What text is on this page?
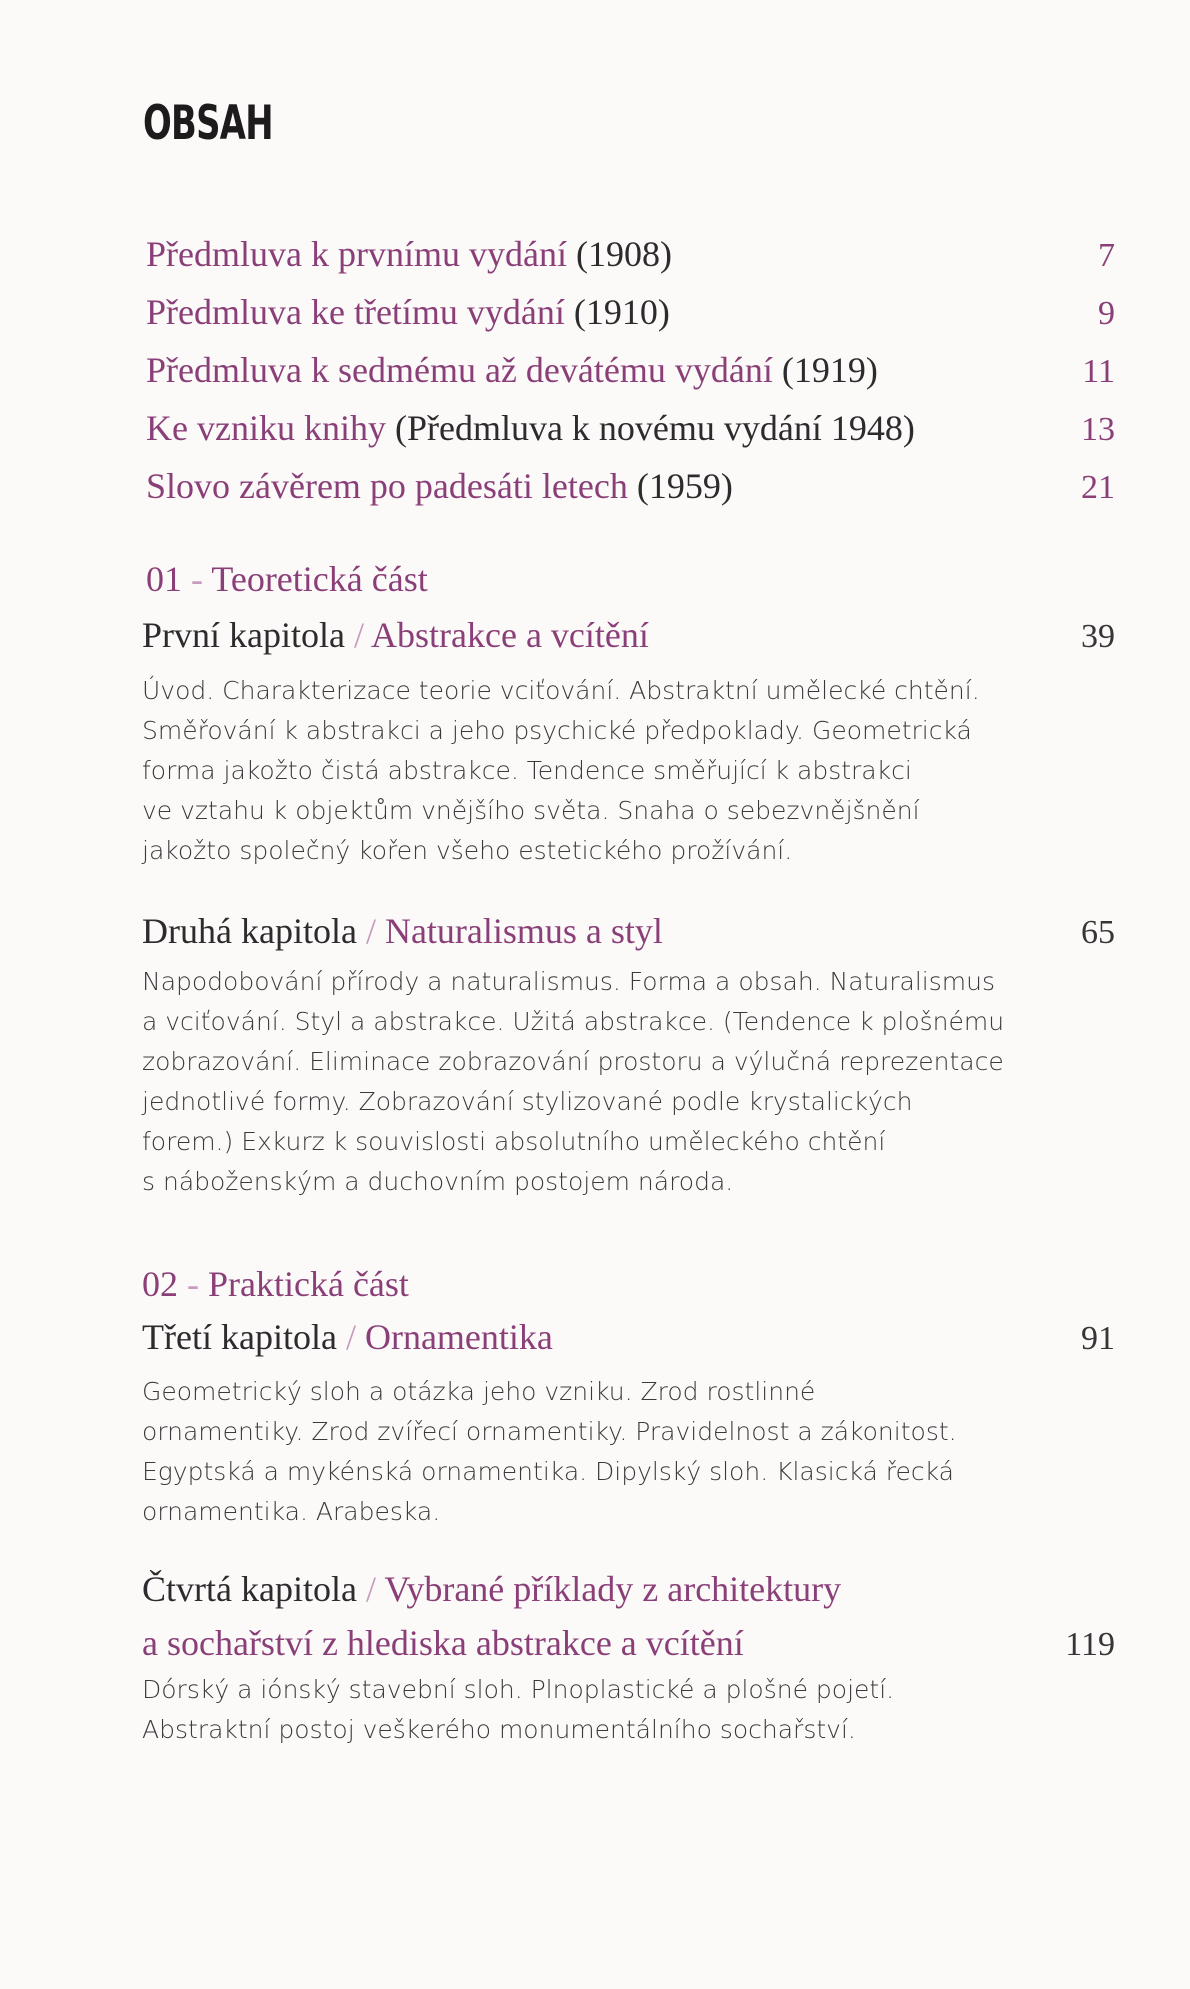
OBSAH
Předmluva k prvnímu vydání (1908)	7
Předmluva ke třetímu vydání (1910)	9
Předmluva k sedmému až devátému vydání (1919)	11
Ke vzniku knihy (Předmluva k novému vydání 1948)	13
Slovo závěrem po padesáti letech (1959)	21
01 - Teoretická část
První kapitola / Abstrakce a vcítění	39

Úvod. Charakterizace teorie vciťování. Abstraktní umělecké chtění.
Směřování k abstrakci a jeho psychické předpoklady. Geometrická
forma jakožto čistá abstrakce. Tendence směřující k abstrakci
ve vztahu k objektům vnějšího světa. Snaha o sebezvnějšnění
jakožto společný kořen všeho estetického prožívání.

Druhá kapitola / Naturalismus a styl	65

Napodobování přírody a naturalismus. Forma a obsah. Naturalismus
a vciťování. Styl a abstrakce. Užitá abstrakce. (Tendence k plošnému
zobrazování. Eliminace zobrazování prostoru a výlučná reprezentace
jednotlivé formy. Zobrazování stylizované podle krystalických
forem.) Exkurz k souvislosti absolutního uměleckého chtění
s náboženským a duchovním postojem národa.

02 - Praktická část
Třetí kapitola / Ornamentika	91

Geometrický sloh a otázka jeho vzniku. Zrod rostlinné
ornamentiky. Zrod zvířecí ornamentiky. Pravidelnost a zákonitost.
Egyptská a mykénská ornamentika. Dipylský sloh. Klasická řecká
ornamentika. Arabeska.

Čtvrtá kapitola / Vybrané příklady z architektury
a sochařství z hlediska abstrakce a vcítění	119

Dórský a iónský stavební sloh. Plnoplastické a plošné pojetí.
Abstraktní postoj veškerého monumentálního sochařství.
